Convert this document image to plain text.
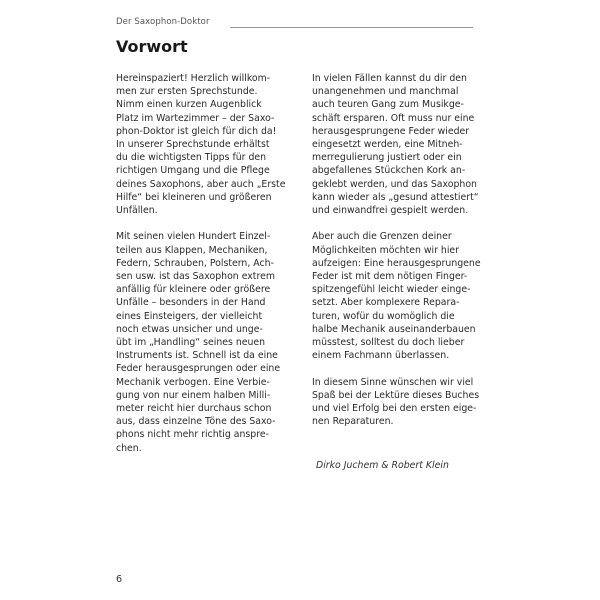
Der Saxophon-Doktor
Vorwort

Hereinspaziert! Herzlich willkom-
men zur ersten Sprechstunde.
Nimm einen kurzen Augenblick
Platz im Wartezimmer – der Saxo-
phon-Doktor ist gleich für dich da!
In unserer Sprechstunde erhältst
du die wichtigsten Tipps für den
richtigen Umgang und die Pflege
deines Saxophons, aber auch „Erste
Hilfe“ bei kleineren und größeren
Unfällen.

Mit seinen vielen Hundert Einzel-
teilen aus Klappen, Mechaniken,
Federn, Schrauben, Polstern, Ach-
sen usw. ist das Saxophon extrem
anfällig für kleinere oder größere
Unfälle – besonders in der Hand
eines Einsteigers, der vielleicht
noch etwas unsicher und unge-
übt im „Handling“ seines neuen
Instruments ist. Schnell ist da eine
Feder herausgesprungen oder eine
Mechanik verbogen. Eine Verbie-
gung von nur einem halben Milli-
meter reicht hier durchaus schon
aus, dass einzelne Töne des Saxo-
phons nicht mehr richtig anspre-
chen.

In vielen Fällen kannst du dir den
unangenehmen und manchmal
auch teuren Gang zum Musikge-
schäft ersparen. Oft muss nur eine
herausgesprungene Feder wieder
eingesetzt werden, eine Mitneh-
merregulierung justiert oder ein
abgefallenes Stückchen Kork an-
geklebt werden, und das Saxophon
kann wieder als „gesund attestiert“
und einwandfrei gespielt werden.

Aber auch die Grenzen deiner
Möglichkeiten möchten wir hier
aufzeigen: Eine herausgesprungene
Feder ist mit dem nötigen Finger-
spitzengefühl leicht wieder einge-
setzt. Aber komplexere Repara-
turen, wofür du womöglich die
halbe Mechanik auseinanderbauen
müsstest, solltest du doch lieber
einem Fachmann überlassen.

In diesem Sinne wünschen wir viel
Spaß bei der Lektüre dieses Buches
und viel Erfolg bei den ersten eige-
nen Reparaturen.

Dirko Juchem & Robert Klein
6
